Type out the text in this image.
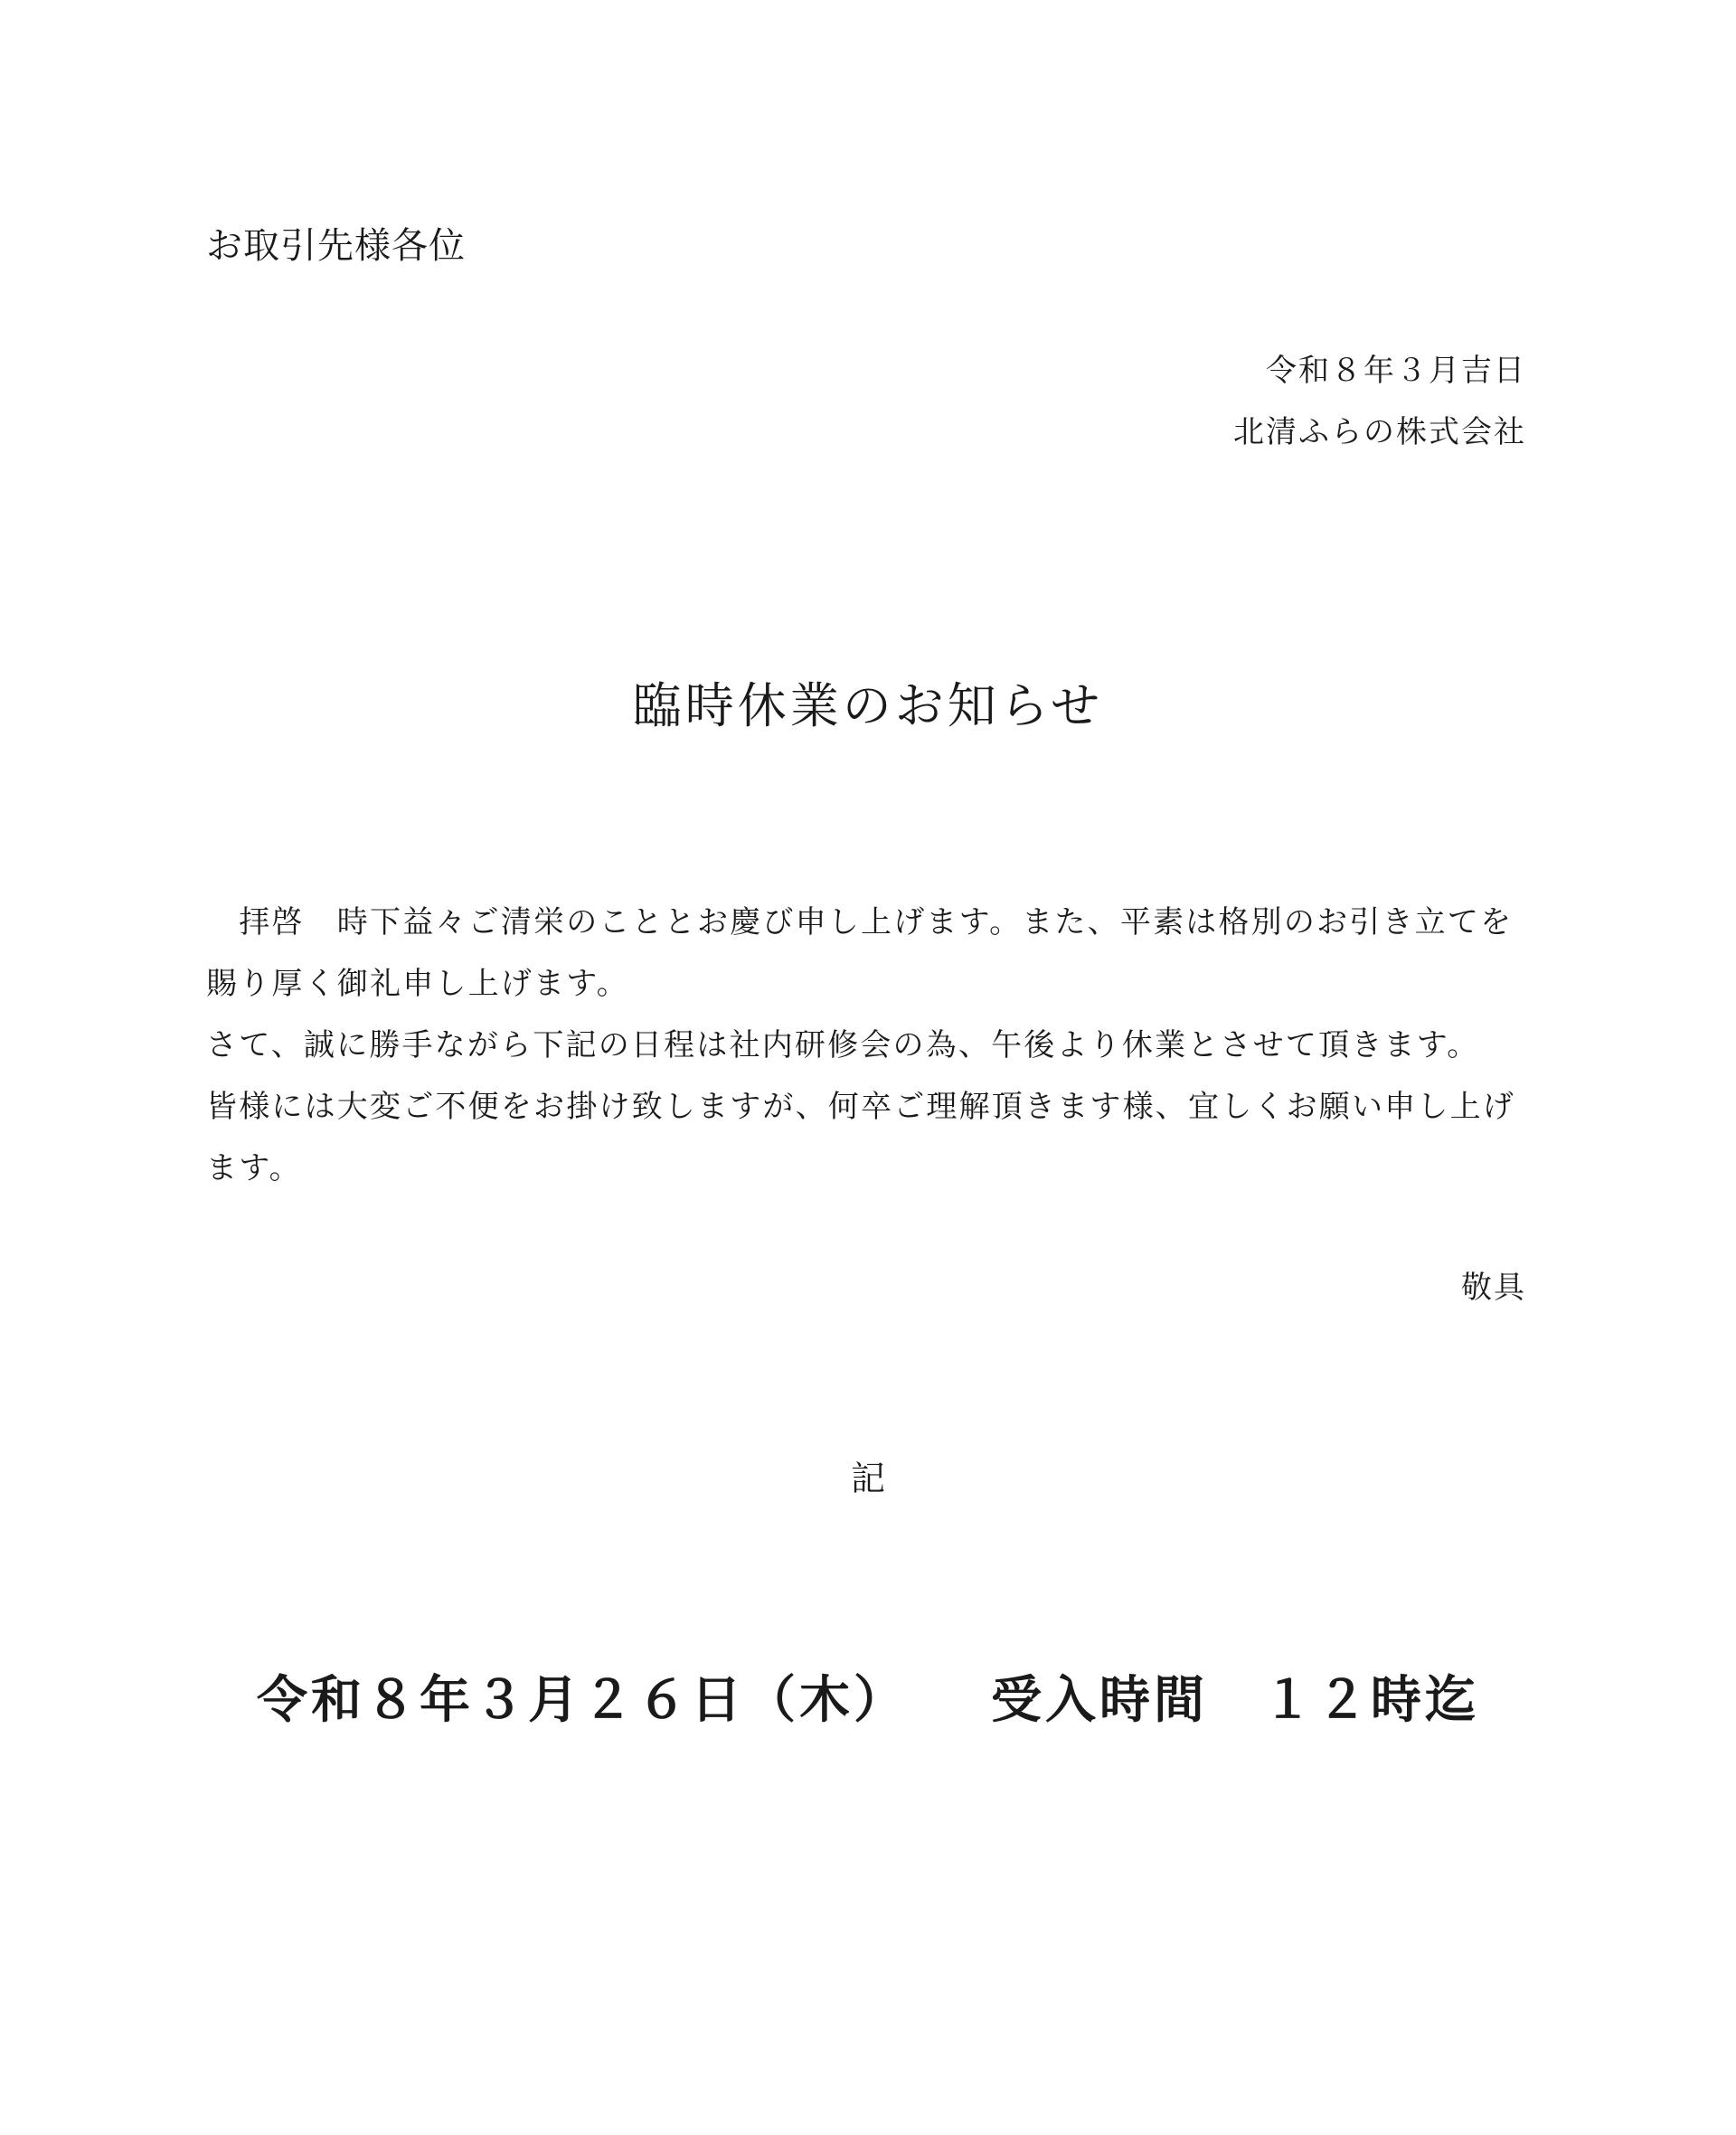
お取引先様各位
令和８年３月吉日
北清ふらの株式会社
臨時休業のお知らせ

　拝啓　時下益々ご清栄のこととお慶び申し上げます。また、平素は格別のお引き立てを賜り厚く御礼申し上げます。

さて、誠に勝手ながら下記の日程は社内研修会の為、午後より休業とさせて頂きます。

皆様には大変ご不便をお掛け致しますが、何卒ご理解頂きます様、宜しくお願い申し上げます。

敬具
記
令和８年３月２６日（木）　　 受入時間　１２時迄
